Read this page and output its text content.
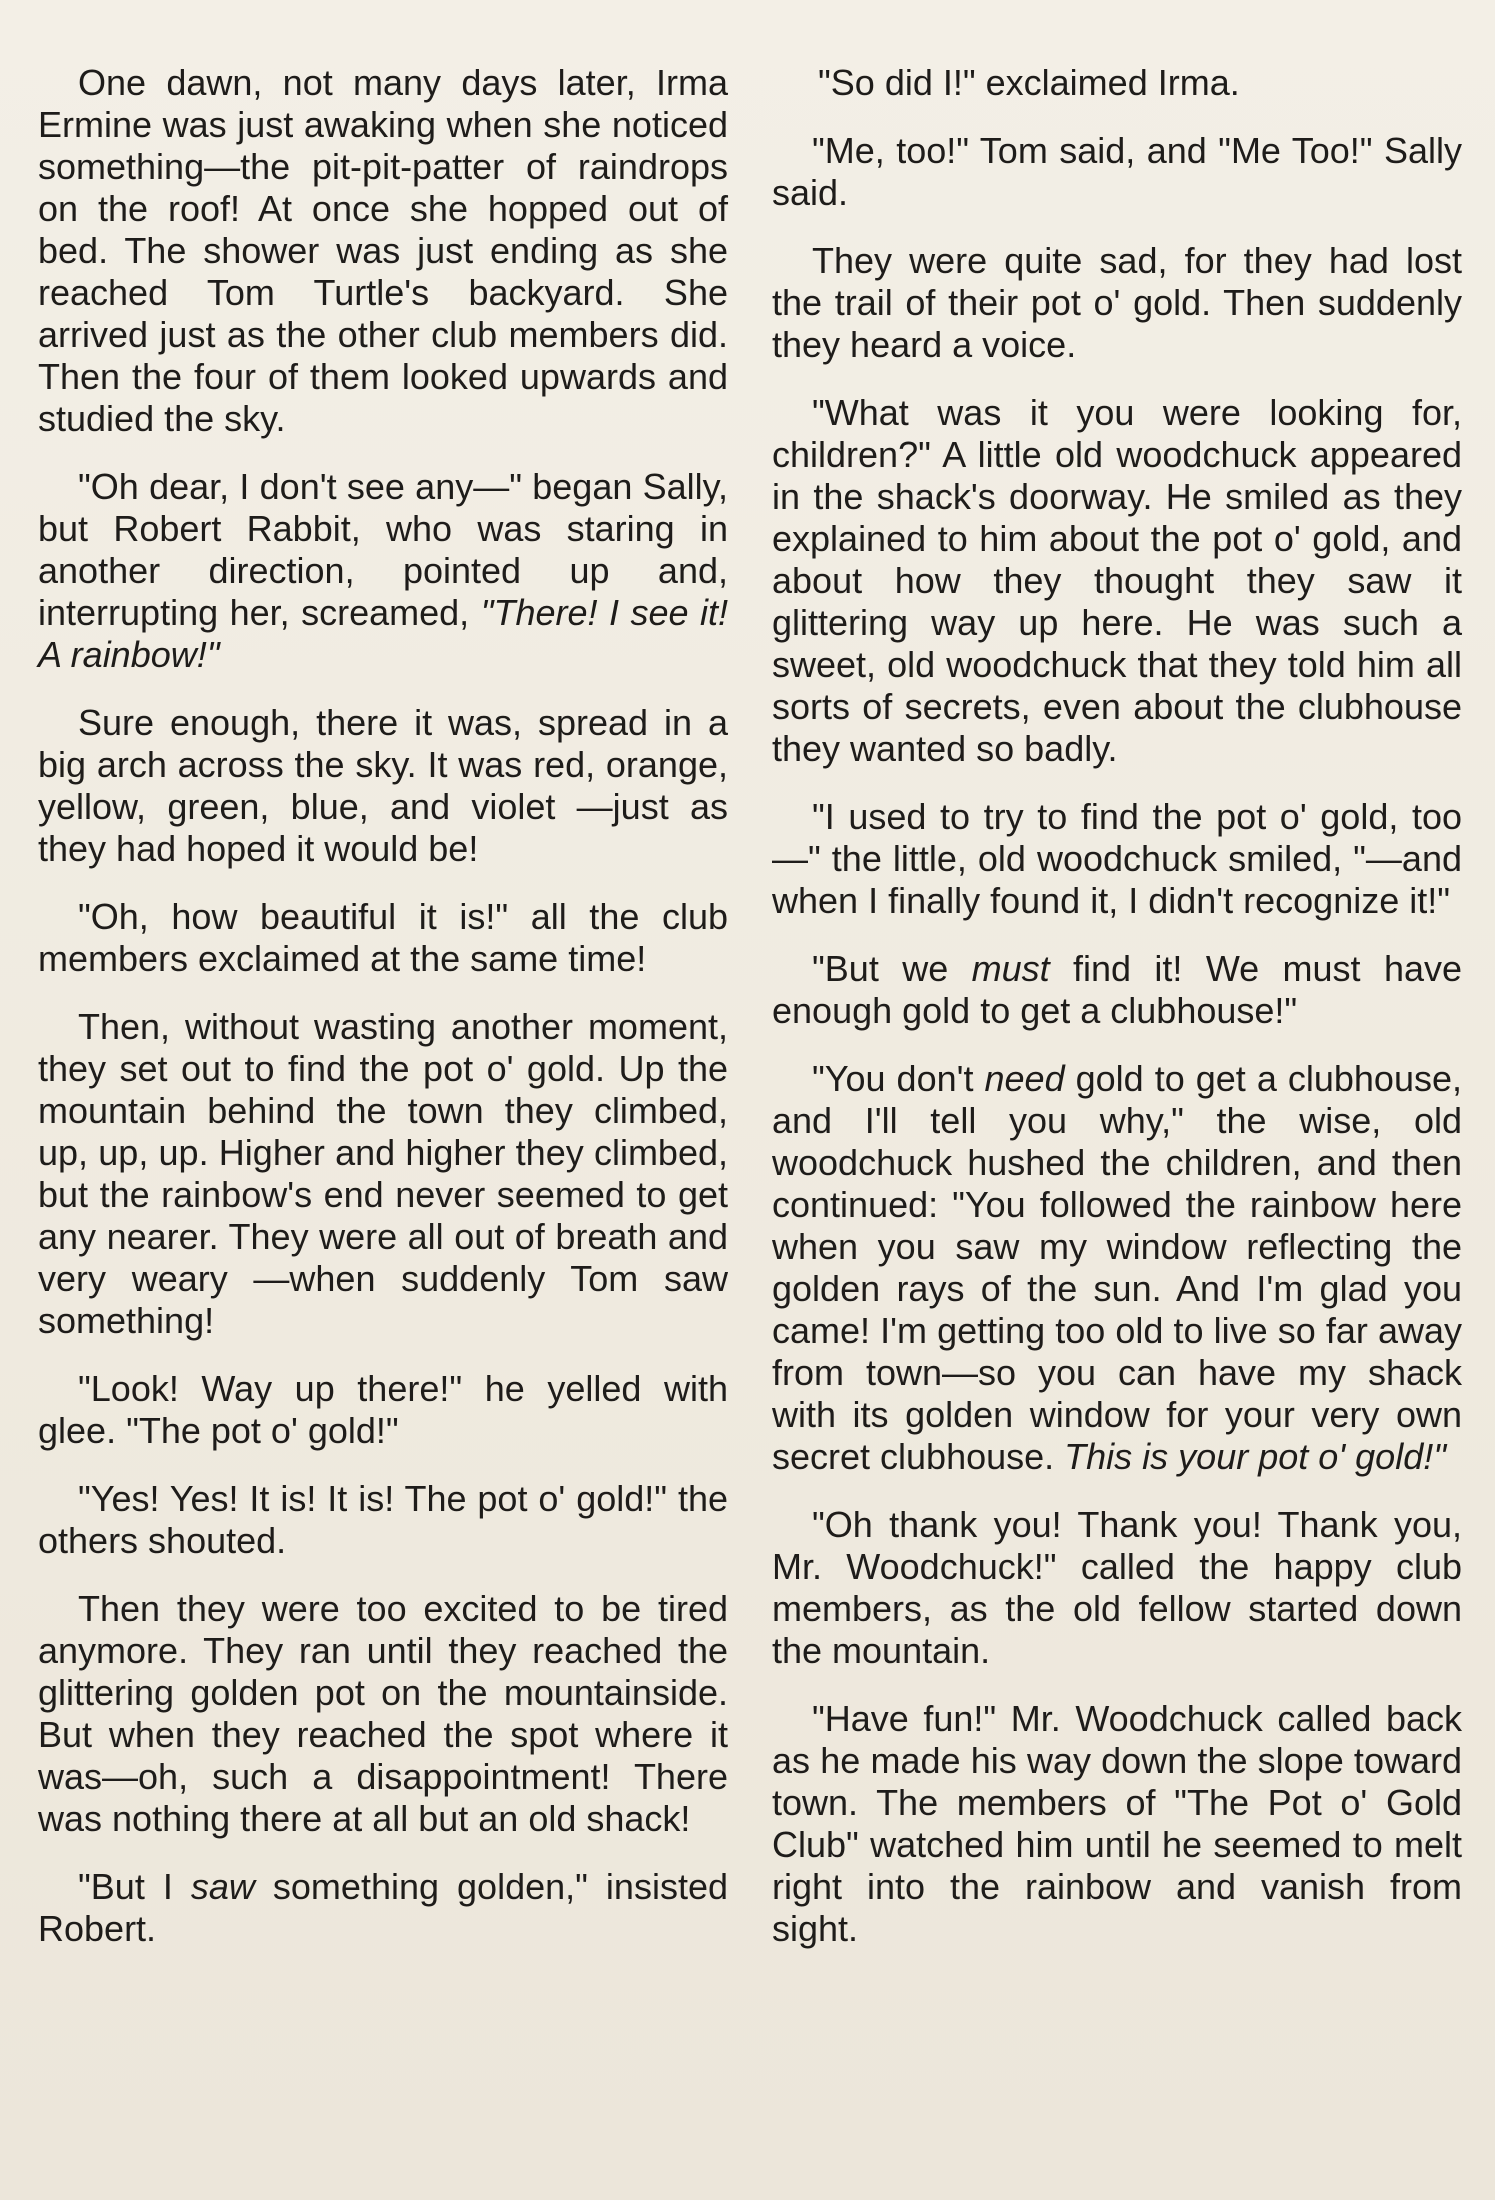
One dawn, not many days later, Irma Ermine was just awaking when she noticed something—the pit-pit-patter of raindrops on the roof! At once she hopped out of bed. The shower was just ending as she reached Tom Turtle's backyard. She arrived just as the other club members did. Then the four of them looked upwards and studied the sky.

"Oh dear, I don't see any—" began Sally, but Robert Rabbit, who was staring in another direction, pointed up and, interrupting her, screamed, "There! I see it! A rainbow!"

Sure enough, there it was, spread in a big arch across the sky. It was red, orange, yellow, green, blue, and violet —just as they had hoped it would be!

"Oh, how beautiful it is!" all the club members exclaimed at the same time!

Then, without wasting another moment, they set out to find the pot o' gold. Up the mountain behind the town they climbed, up, up, up. Higher and higher they climbed, but the rainbow's end never seemed to get any nearer. They were all out of breath and very weary —when suddenly Tom saw something!

"Look! Way up there!" he yelled with glee. "The pot o' gold!"

"Yes! Yes! It is! It is! The pot o' gold!" the others shouted.

Then they were too excited to be tired anymore. They ran until they reached the glittering golden pot on the mountainside. But when they reached the spot where it was—oh, such a disappointment! There was nothing there at all but an old shack!

"But I saw something golden," insisted Robert.

"So did I!" exclaimed Irma.

"Me, too!" Tom said, and "Me Too!" Sally said.

They were quite sad, for they had lost the trail of their pot o' gold. Then suddenly they heard a voice.

"What was it you were looking for, children?" A little old woodchuck appeared in the shack's doorway. He smiled as they explained to him about the pot o' gold, and about how they thought they saw it glittering way up here. He was such a sweet, old woodchuck that they told him all sorts of secrets, even about the clubhouse they wanted so badly.

"I used to try to find the pot o' gold, too—" the little, old woodchuck smiled, "—and when I finally found it, I didn't recognize it!"

"But we must find it! We must have enough gold to get a clubhouse!"

"You don't need gold to get a clubhouse, and I'll tell you why," the wise, old woodchuck hushed the children, and then continued: "You followed the rainbow here when you saw my window reflecting the golden rays of the sun. And I'm glad you came! I'm getting too old to live so far away from town—so you can have my shack with its golden window for your very own secret clubhouse. This is your pot o' gold!"

"Oh thank you! Thank you! Thank you, Mr. Woodchuck!" called the happy club members, as the old fellow started down the mountain.

"Have fun!" Mr. Woodchuck called back as he made his way down the slope toward town. The members of "The Pot o' Gold Club" watched him until he seemed to melt right into the rainbow and vanish from sight.
